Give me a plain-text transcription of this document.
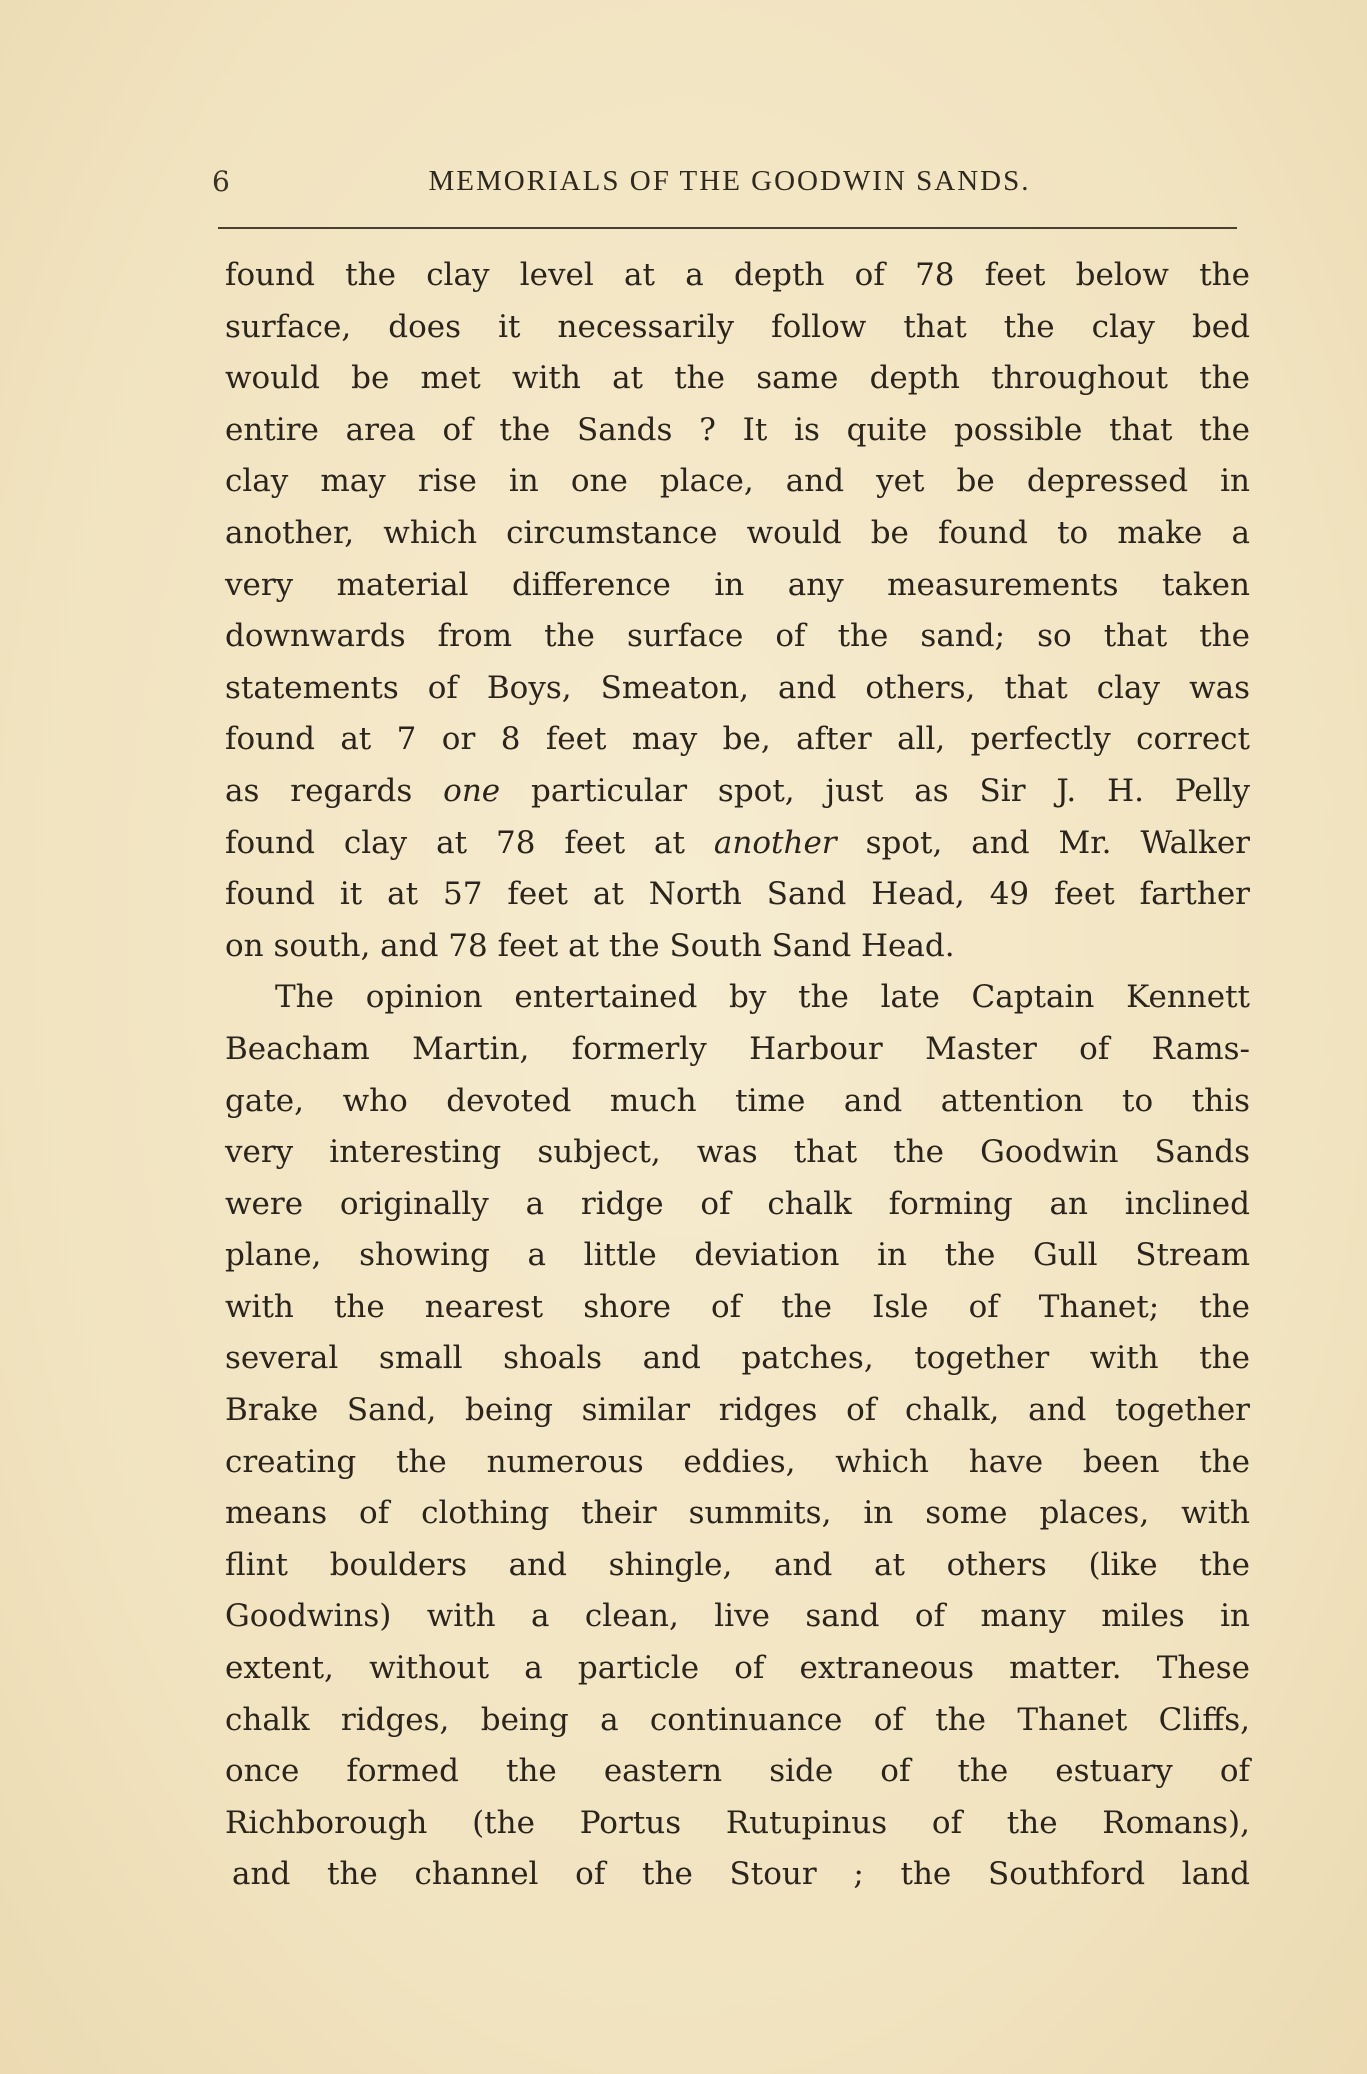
6	MEMORIALS OF THE GOODWIN SANDS.
found the clay level at a depth of 78 feet below the
surface, does it necessarily follow that the clay bed
would be met with at the same depth throughout the
entire area of the Sands ? It is quite possible that the
clay may rise in one place, and yet be depressed in
another, which circumstance would be found to make a
very material difference in any measurements taken
downwards from the surface of the sand; so that the
statements of Boys, Smeaton, and others, that clay was
found at 7 or 8 feet may be, after all, perfectly correct
as regards one particular spot, just as Sir J. H. Pelly
found clay at 78 feet at another spot, and Mr. Walker
found it at 57 feet at North Sand Head, 49 feet farther
on south, and 78 feet at the South Sand Head.
The opinion entertained by the late Captain Kennett
Beacham Martin, formerly Harbour Master of Rams-
gate, who devoted much time and attention to this
very interesting subject, was that the Goodwin Sands
were originally a ridge of chalk forming an inclined
plane, showing a little deviation in the Gull Stream
with the nearest shore of the Isle of Thanet; the
several small shoals and patches, together with the
Brake Sand, being similar ridges of chalk, and together
creating the numerous eddies, which have been the
means of clothing their summits, in some places, with
flint boulders and shingle, and at others (like the
Goodwins) with a clean, live sand of many miles in
extent, without a particle of extraneous matter. These
chalk ridges, being a continuance of the Thanet Cliffs,
once formed the eastern side of the estuary of
Richborough (the Portus Rutupinus of the Romans),
and the channel of the Stour ; the Southford land
